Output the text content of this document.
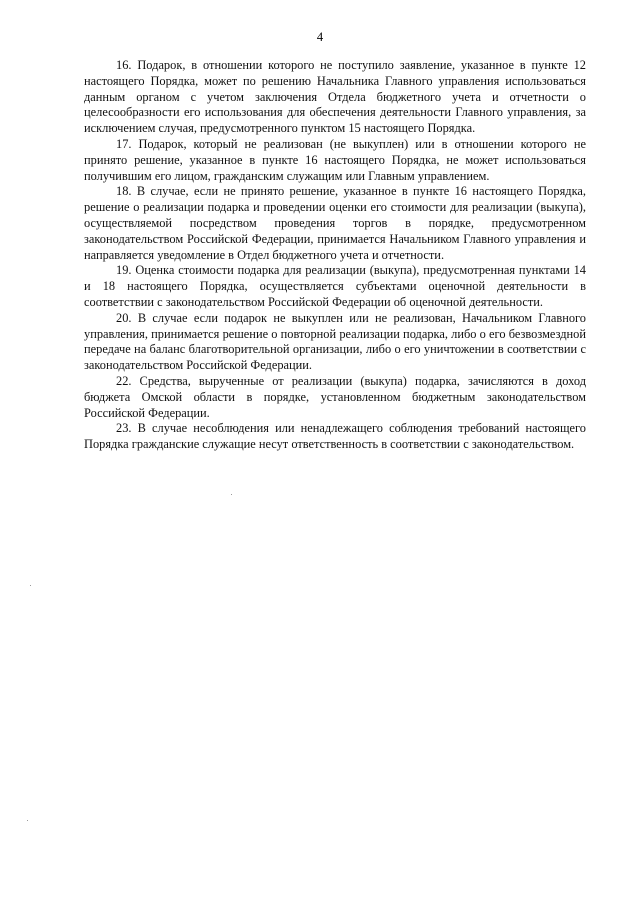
4

16. Подарок, в отношении которого не поступило заявление, указанное в пункте 12 настоящего Порядка, может по решению Начальника Главного управления использоваться данным органом с учетом заключения Отдела бюджетного учета и отчетности о целесообразности его использования для обеспечения деятельности Главного управления, за исключением случая, предусмотренного пунктом 15 настоящего Порядка.

17. Подарок, который не реализован (не выкуплен) или в отношении которого не принято решение, указанное в пункте 16 настоящего Порядка, не может использоваться получившим его лицом, гражданским служащим или Главным управлением.

18. В случае, если не принято решение, указанное в пункте 16 настоящего Порядка, решение о реализации подарка и проведении оценки его стоимости для реализации (выкупа), осуществляемой посредством проведения торгов в порядке, предусмотренном законодательством Российской Федерации, принимается Начальником Главного управления и направляется уведомление в Отдел бюджетного учета и отчетности.

19. Оценка стоимости подарка для реализации (выкупа), предусмотренная пунктами 14 и 18 настоящего Порядка, осуществляется субъектами оценочной деятельности в соответствии с законодательством Российской Федерации об оценочной деятельности.

20. В случае если подарок не выкуплен или не реализован, Начальником Главного управления, принимается решение о повторной реализации подарка, либо о его безвозмездной передаче на баланс благотворительной организации, либо о его уничтожении в соответствии с законодательством Российской Федерации.

22. Средства, вырученные от реализации (выкупа) подарка, зачисляются в доход бюджета Омской области в порядке, установленном бюджетным законодательством Российской Федерации.

23. В случае несоблюдения или ненадлежащего соблюдения требований настоящего Порядка гражданские служащие несут ответственность в соответствии с законодательством.
